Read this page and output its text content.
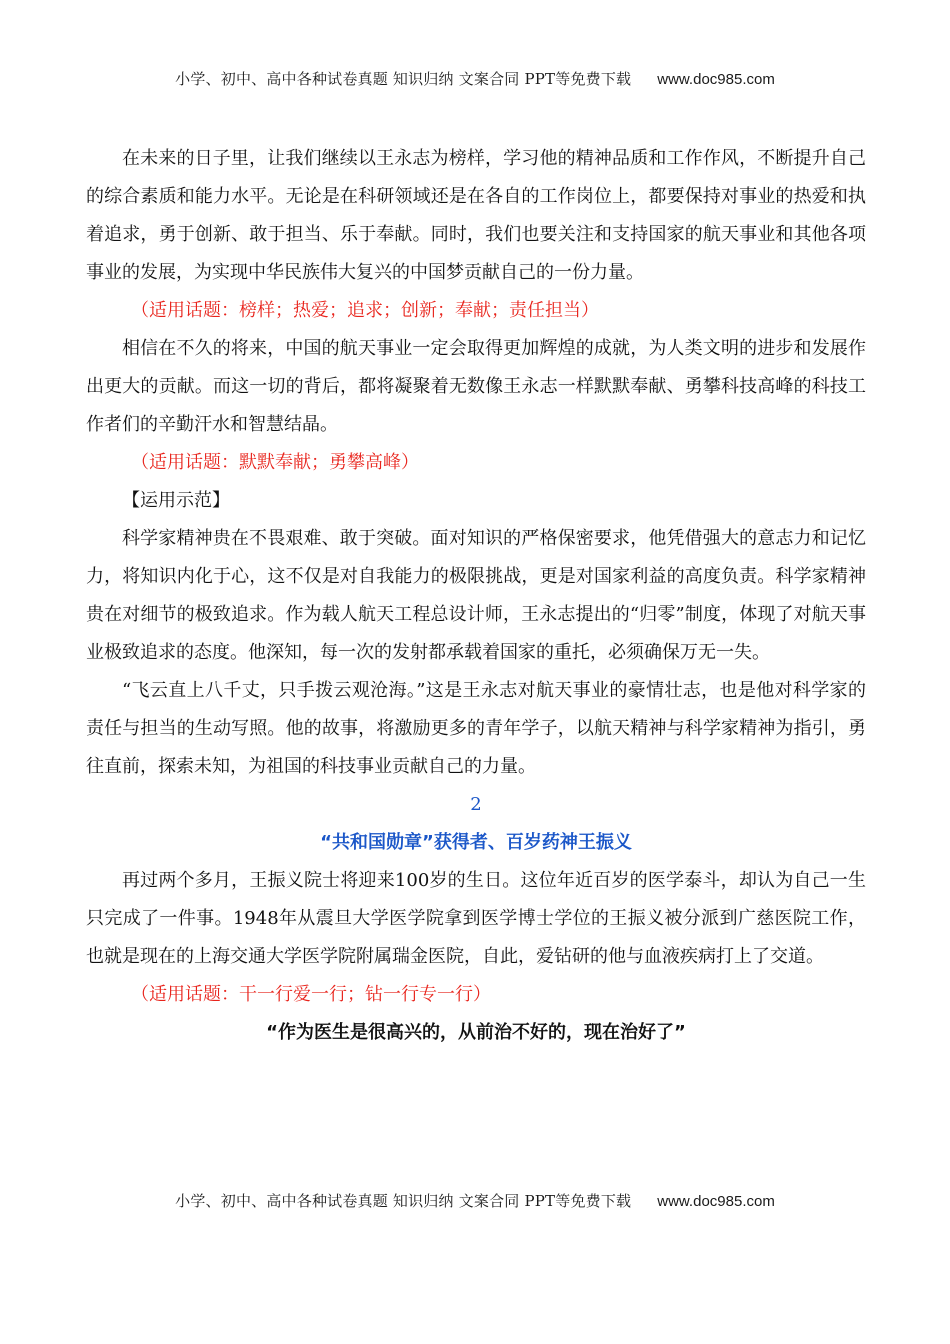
小学、初中、高中各种试卷真题 知识归纳 文案合同 PPT等免费下载 www.doc985.com

在未来的日子里，让我们继续以王永志为榜样，学习他的精神品质和工作作风，不断提升自己的综合素质和能力水平。无论是在科研领域还是在各自的工作岗位上，都要保持对事业的热爱和执着追求，勇于创新、敢于担当、乐于奉献。同时，我们也要关注和支持国家的航天事业和其他各项事业的发展，为实现中华民族伟大复兴的中国梦贡献自己的一份力量。

（适用话题：榜样；热爱；追求；创新；奉献；责任担当）

相信在不久的将来，中国的航天事业一定会取得更加辉煌的成就，为人类文明的进步和发展作出更大的贡献。而这一切的背后，都将凝聚着无数像王永志一样默默奉献、勇攀科技高峰的科技工作者们的辛勤汗水和智慧结晶。

（适用话题：默默奉献；勇攀高峰）

【运用示范】

科学家精神贵在不畏艰难、敢于突破。面对知识的严格保密要求，他凭借强大的意志力和记忆力，将知识内化于心，这不仅是对自我能力的极限挑战，更是对国家利益的高度负责。科学家精神贵在对细节的极致追求。作为载人航天工程总设计师，王永志提出的“归零”制度，体现了对航天事业极致追求的态度。他深知，每一次的发射都承载着国家的重托，必须确保万无一失。

“飞云直上八千丈，只手拨云观沧海。”这是王永志对航天事业的豪情壮志，也是他对科学家的责任与担当的生动写照。他的故事，将激励更多的青年学子，以航天精神与科学家精神为指引，勇往直前，探索未知，为祖国的科技事业贡献自己的力量。

2

“共和国勋章”获得者、百岁药神王振义

再过两个多月，王振义院士将迎来100岁的生日。这位年近百岁的医学泰斗，却认为自己一生只完成了一件事。1948年从震旦大学医学院拿到医学博士学位的王振义被分派到广慈医院工作，也就是现在的上海交通大学医学院附属瑞金医院，自此，爱钻研的他与血液疾病打上了交道。

（适用话题：干一行爱一行；钻一行专一行）

“作为医生是很高兴的，从前治不好的，现在治好了”

小学、初中、高中各种试卷真题 知识归纳 文案合同 PPT等免费下载 www.doc985.com
